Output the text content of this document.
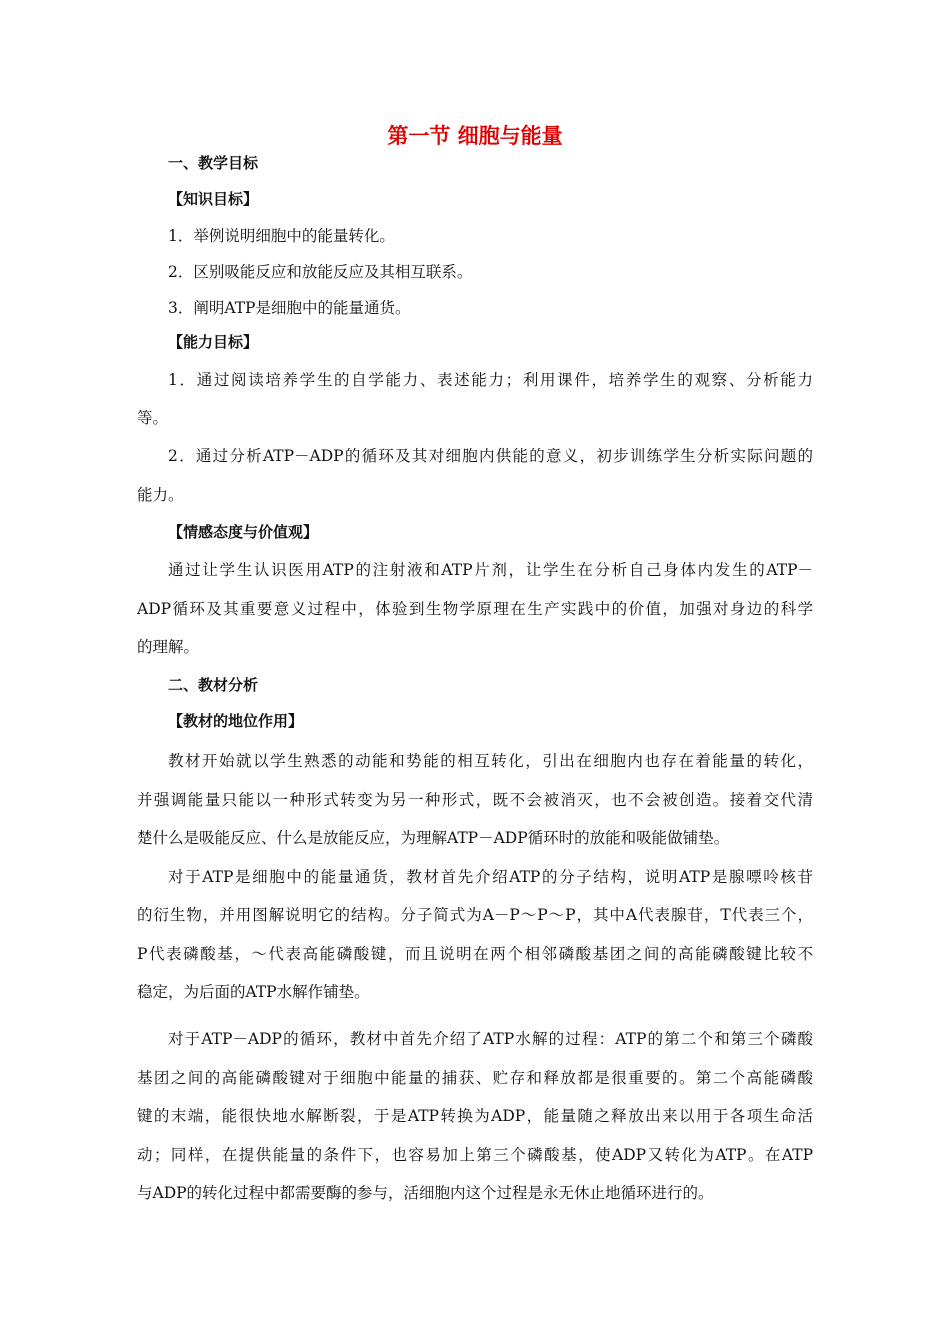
第一节 细胞与能量
一、教学目标
【知识目标】
1．举例说明细胞中的能量转化。
2．区别吸能反应和放能反应及其相互联系。
3．阐明ATP是细胞中的能量通货。
【能力目标】
1．通过阅读培养学生的自学能力、表述能力；利用课件，培养学生的观察、分析能力
等。
2．通过分析ATP－ADP的循环及其对细胞内供能的意义，初步训练学生分析实际问题的
能力。
【情感态度与价值观】
通过让学生认识医用ATP的注射液和ATP片剂，让学生在分析自己身体内发生的ATP－
ADP循环及其重要意义过程中，体验到生物学原理在生产实践中的价值，加强对身边的科学
的理解。
二、教材分析
【教材的地位作用】
教材开始就以学生熟悉的动能和势能的相互转化，引出在细胞内也存在着能量的转化，
并强调能量只能以一种形式转变为另一种形式，既不会被消灭，也不会被创造。接着交代清
楚什么是吸能反应、什么是放能反应，为理解ATP－ADP循环时的放能和吸能做铺垫。
对于ATP是细胞中的能量通货，教材首先介绍ATP的分子结构，说明ATP是腺嘌呤核苷
的衍生物，并用图解说明它的结构。分子简式为A－P～P～P，其中A代表腺苷，T代表三个，
P代表磷酸基，～代表高能磷酸键，而且说明在两个相邻磷酸基团之间的高能磷酸键比较不
稳定，为后面的ATP水解作铺垫。
对于ATP－ADP的循环，教材中首先介绍了ATP水解的过程：ATP的第二个和第三个磷酸
基团之间的高能磷酸键对于细胞中能量的捕获、贮存和释放都是很重要的。第二个高能磷酸
键的末端，能很快地水解断裂，于是ATP转换为ADP，能量随之释放出来以用于各项生命活
动；同样，在提供能量的条件下，也容易加上第三个磷酸基，使ADP又转化为ATP。在ATP
与ADP的转化过程中都需要酶的参与，活细胞内这个过程是永无休止地循环进行的。
